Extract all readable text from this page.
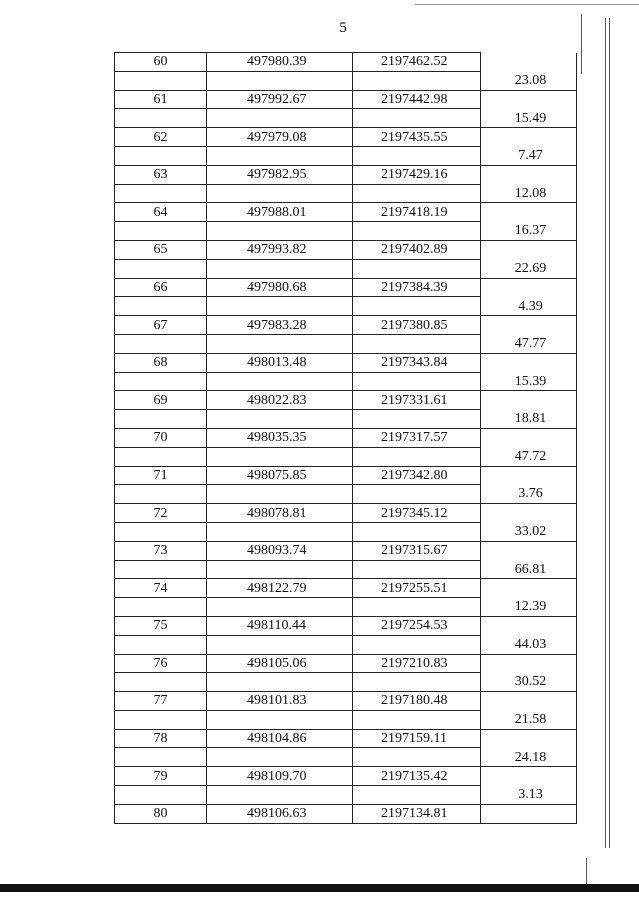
5
60	497980.39	2197462.52	
			23.08
61	497992.67	2197442.98	
			15.49
62	497979.08	2197435.55	
			7.47
63	497982.95	2197429.16	
			12.08
64	497988.01	2197418.19	
			16.37
65	497993.82	2197402.89	
			22.69
66	497980.68	2197384.39	
			4.39
67	497983.28	2197380.85	
			47.77
68	498013.48	2197343.84	
			15.39
69	498022.83	2197331.61	
			18.81
70	498035.35	2197317.57	
			47.72
71	498075.85	2197342.80	
			3.76
72	498078.81	2197345.12	
			33.02
73	498093.74	2197315.67	
			66.81
74	498122.79	2197255.51	
			12.39
75	498110.44	2197254.53	
			44.03
76	498105.06	2197210.83	
			30.52
77	498101.83	2197180.48	
			21.58
78	498104.86	2197159.11	
			24.18
79	498109.70	2197135.42	
			3.13
80	498106.63	2197134.81	
